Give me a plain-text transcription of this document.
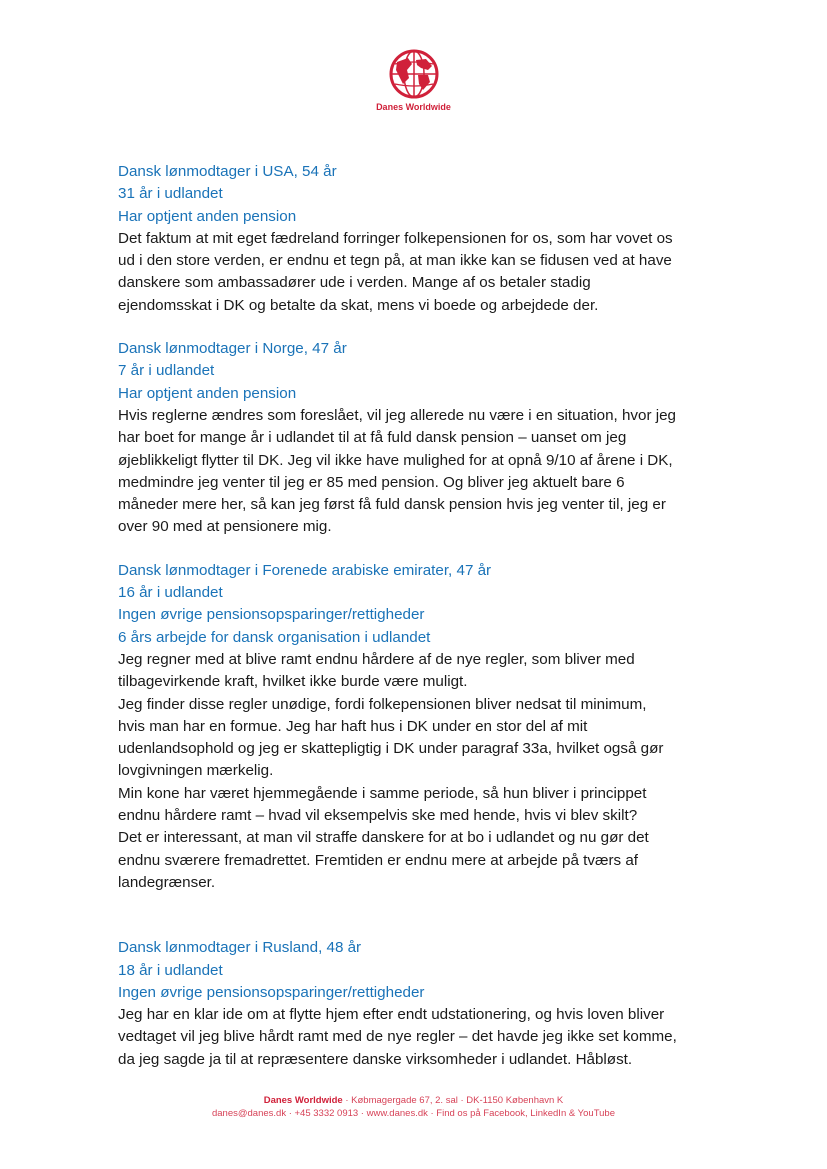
Danes Worldwide

Dansk lønmodtager i USA, 54 år

31 år i udlandet

Har optjent anden pension

Det faktum at mit eget fædreland forringer folkepensionen for os, som har vovet os

ud i den store verden, er endnu et tegn på, at man ikke kan se fidusen ved at have

danskere som ambassadører ude i verden. Mange af os betaler stadig

ejendomsskat i DK og betalte da skat, mens vi boede og arbejdede der.

Dansk lønmodtager i Norge, 47 år

7 år i udlandet

Har optjent anden pension

Hvis reglerne ændres som foreslået, vil jeg allerede nu være i en situation, hvor jeg

har boet for mange år i udlandet til at få fuld dansk pension – uanset om jeg

øjeblikkeligt flytter til DK. Jeg vil ikke have mulighed for at opnå 9/10 af årene i DK,

medmindre jeg venter til jeg er 85 med pension. Og bliver jeg aktuelt bare 6

måneder mere her, så kan jeg først få fuld dansk pension hvis jeg venter til, jeg er

over 90 med at pensionere mig.

Dansk lønmodtager i Forenede arabiske emirater, 47 år

16 år i udlandet

Ingen øvrige pensionsopsparinger/rettigheder

6 års arbejde for dansk organisation i udlandet

Jeg regner med at blive ramt endnu hårdere af de nye regler, som bliver med

tilbagevirkende kraft, hvilket ikke burde være muligt.

Jeg finder disse regler unødige, fordi folkepensionen bliver nedsat til minimum,

hvis man har en formue. Jeg har haft hus i DK under en stor del af mit

udenlandsophold og jeg er skattepligtig i DK under paragraf 33a, hvilket også gør

lovgivningen mærkelig.

Min kone har været hjemmegående i samme periode, så hun bliver i princippet

endnu hårdere ramt – hvad vil eksempelvis ske med hende, hvis vi blev skilt?

Det er interessant, at man vil straffe danskere for at bo i udlandet og nu gør det

endnu sværere fremadrettet. Fremtiden er endnu mere at arbejde på tværs af

landegrænser.

Dansk lønmodtager i Rusland, 48 år

18 år i udlandet

Ingen øvrige pensionsopsparinger/rettigheder

Jeg har en klar ide om at flytte hjem efter endt udstationering, og hvis loven bliver

vedtaget vil jeg blive hårdt ramt med de nye regler – det havde jeg ikke set komme,

da jeg sagde ja til at repræsentere danske virksomheder i udlandet. Håbløst.

Danes Worldwide · Købmagergade 67, 2. sal · DK-1150 København K
danes@danes.dk · +45 3332 0913 · www.danes.dk · Find os på Facebook, LinkedIn & YouTube
